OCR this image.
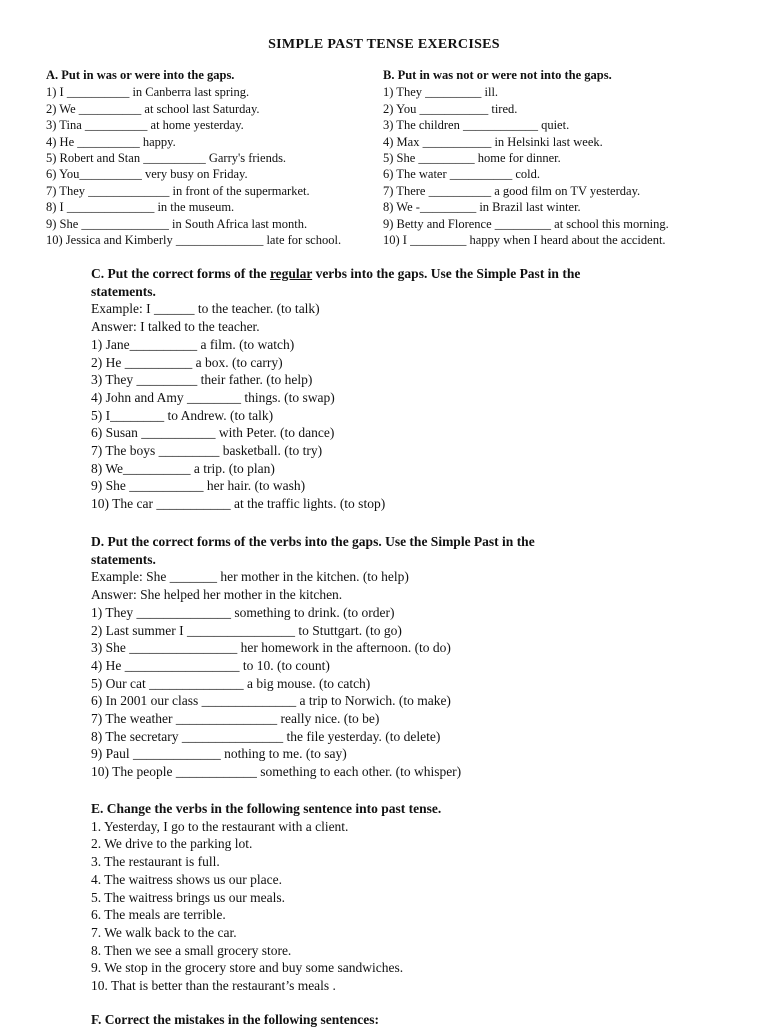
SIMPLE PAST TENSE EXERCISES
A. Put in was or were into the gaps.
1) I __________ in Canberra last spring.
2) We __________ at school last Saturday.
3) Tina __________ at home yesterday.
4) He __________ happy.
5) Robert and Stan __________ Garry's friends.
6) You__________ very busy on Friday.
7) They _____________ in front of the supermarket.
8) I ______________ in the museum.
9) She ______________ in South Africa last month.
10) Jessica and Kimberly ______________ late for school.
B. Put in was not or were not into the gaps.
1) They _________ ill.
2) You ___________ tired.
3) The children ____________ quiet.
4) Max ___________ in Helsinki last week.
5) She _________ home for dinner.
6) The water __________ cold.
7) There __________ a good film on TV yesterday.
8) We -_________ in Brazil last winter.
9) Betty and Florence _________ at school this morning.
10) I _________ happy when I heard about the accident.
C. Put the correct forms of the regular verbs into the gaps. Use the Simple Past in the
statements.
Example: I ______ to the teacher. (to talk)
Answer: I talked to the teacher.
1) Jane__________ a film. (to watch)
2) He __________ a box. (to carry)
3) They _________ their father. (to help)
4) John and Amy ________ things. (to swap)
5) I________ to Andrew. (to talk)
6) Susan ___________ with Peter. (to dance)
7) The boys _________ basketball. (to try)
8) We__________ a trip. (to plan)
9) She ___________ her hair. (to wash)
10) The car ___________ at the traffic lights. (to stop)
D. Put the correct forms of the verbs into the gaps. Use the Simple Past in the
statements.
Example: She _______ her mother in the kitchen. (to help)
Answer: She helped her mother in the kitchen.
1) They ______________ something to drink. (to order)
2) Last summer I ________________ to Stuttgart. (to go)
3) She ________________ her homework in the afternoon. (to do)
4) He _________________ to 10. (to count)
5) Our cat ______________ a big mouse. (to catch)
6) In 2001 our class ______________ a trip to Norwich. (to make)
7) The weather _______________ really nice. (to be)
8) The secretary _______________ the file yesterday. (to delete)
9) Paul _____________ nothing to me. (to say)
10) The people ____________ something to each other. (to whisper)
E. Change the verbs in the following sentence into past tense.
1. Yesterday, I go to the restaurant with a client.
2. We drive to the parking lot.
3. The restaurant is full.
4. The waitress shows us our place.
5. The waitress brings us our meals.
6. The meals are terrible.
7. We walk back to the car.
8. Then we see a small grocery store.
9. We stop in the grocery store and buy some sandwiches.
10. That is better than the restaurant’s meals .
F. Correct the mistakes in the following sentences:
